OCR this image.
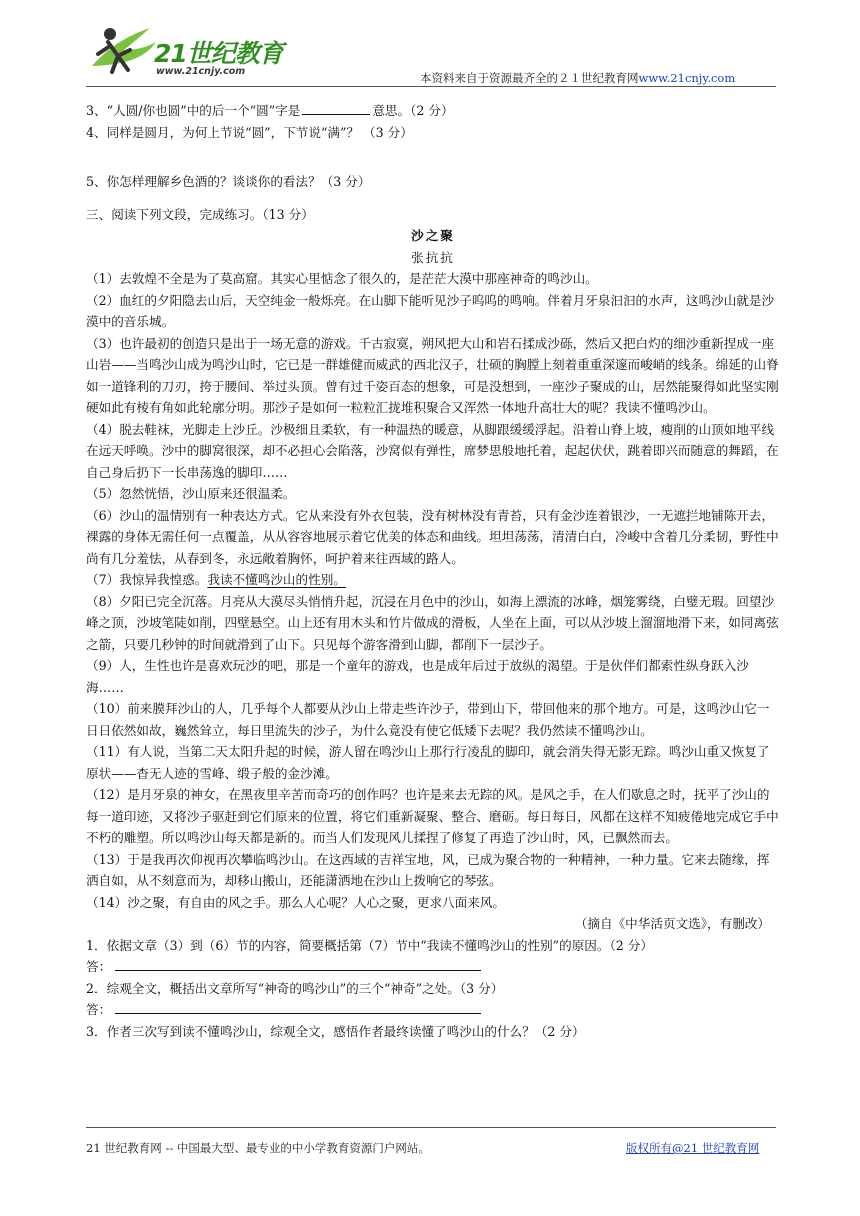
21世纪教育
www.21cnjy.com	本资料来自于资源最齐全的２１世纪教育网www.21cnjy.com

3、“人圆/你也圆”中的后一个“圆”字是	意思。（2 分）

4、同样是圆月，为何上节说“圆”，下节说“满”？ （3 分）

5、你怎样理解乡色酒的？谈谈你的看法？（3 分）

三、阅读下列文段，完成练习。（13 分）

沙之聚

张抗抗

（1）去敦煌不全是为了莫高窟。其实心里惦念了很久的，是茫茫大漠中那座神奇的鸣沙山。

（2）血红的夕阳隐去山后，天空纯金一般烁亮。在山脚下能听见沙子呜呜的鸣响。伴着月牙泉汩汩的水声，这鸣沙山就是沙漠中的音乐城。

（3）也许最初的创造只是出于一场无意的游戏。千古寂寞，朔风把大山和岩石揉成沙砾，然后又把白灼的细沙重新捏成一座山岩——当鸣沙山成为鸣沙山时，它已是一群雄健而威武的西北汉子，壮硕的胸膛上刻着重重深邃而峻峭的线条。绵延的山脊如一道锋利的刀刃，挎于腰间、举过头顶。曾有过千姿百态的想象，可是没想到，一座沙子聚成的山，居然能聚得如此坚实刚硬如此有棱有角如此轮廓分明。那沙子是如何一粒粒汇拢堆积聚合又浑然一体地升高壮大的呢？我读不懂鸣沙山。

（4）脱去鞋袜，光脚走上沙丘。沙极细且柔软，有一种温热的暖意，从脚跟缓缓浮起。沿着山脊上坡，瘦削的山顶如地平线在远天呼唤。沙中的脚窝很深，却不必担心会陷落，沙窝似有弹性，席梦思般地托着，起起伏伏，跳着即兴而随意的舞蹈，在自己身后扔下一长串荡逸的脚印……

（5）忽然恍悟，沙山原来还很温柔。

（6）沙山的温情别有一种表达方式。它从来没有外衣包装，没有树林没有青苔，只有金沙连着银沙，一无遮拦地铺陈开去，裸露的身体无需任何一点覆盖，从从容容地展示着它优美的体态和曲线。坦坦荡荡，清清白白，冷峻中含着几分柔韧，野性中尚有几分羞怯，从春到冬，永远敞着胸怀，呵护着来往西域的路人。

（7）我惊异我惶惑。我读不懂鸣沙山的性别。

（8）夕阳已完全沉落。月亮从大漠尽头悄悄升起，沉浸在月色中的沙山，如海上漂流的冰峰，烟笼雾绕，白璧无瑕。回望沙峰之顶，沙坡笔陡如削，四壁悬空。山上还有用木头和竹片做成的滑板，人坐在上面，可以从沙坡上溜溜地滑下来，如同离弦之箭，只要几秒钟的时间就滑到了山下。只见每个游客滑到山脚，都削下一层沙子。

（9）人，生性也许是喜欢玩沙的吧，那是一个童年的游戏，也是成年后过于放纵的渴望。于是伙伴们都索性纵身跃入沙海……

（10）前来膜拜沙山的人，几乎每个人都要从沙山上带走些许沙子，带到山下，带回他来的那个地方。可是，这鸣沙山它一日日依然如故，巍然耸立，每日里流失的沙子，为什么竟没有使它低矮下去呢？我仍然读不懂鸣沙山。

（11）有人说，当第二天太阳升起的时候，游人留在鸣沙山上那行行凌乱的脚印，就会消失得无影无踪。鸣沙山重又恢复了原状——杳无人迹的雪峰、缎子般的金沙滩。

（12）是月牙泉的神女，在黑夜里辛苦而奇巧的创作吗？也许是来去无踪的风。是风之手，在人们歇息之时，抚平了沙山的每一道印迹，又将沙子驱赶到它们原来的位置，将它们重新凝聚、整合、磨砺。每日每日，风都在这样不知疲倦地完成它手中不朽的雕塑。所以鸣沙山每天都是新的。而当人们发现风儿揉捏了修复了再造了沙山时，风，已飘然而去。

（13）于是我再次仰视再次攀临鸣沙山。在这西域的吉祥宝地，风，已成为聚合物的一种精神，一种力量。它来去随缘，挥洒自如，从不刻意而为，却移山搬山，还能潇洒地在沙山上拨响它的琴弦。

（14）沙之聚，有自由的风之手。那么人心呢？人心之聚，更求八面来风。

（摘自《中华活页文选》，有删改）

1．依据文章（3）到（6）节的内容，简要概括第（7）节中“我读不懂鸣沙山的性别”的原因。（2 分）

答：

2．综观全文，概括出文章所写“神奇的鸣沙山”的三个“神奇”之处。（3 分）

答：

3．作者三次写到读不懂鸣沙山，综观全文，感悟作者最终读懂了鸣沙山的什么？（2 分）

21 世纪教育网 -- 中国最大型、最专业的中小学教育资源门户网站。	版权所有@21 世纪教育网
